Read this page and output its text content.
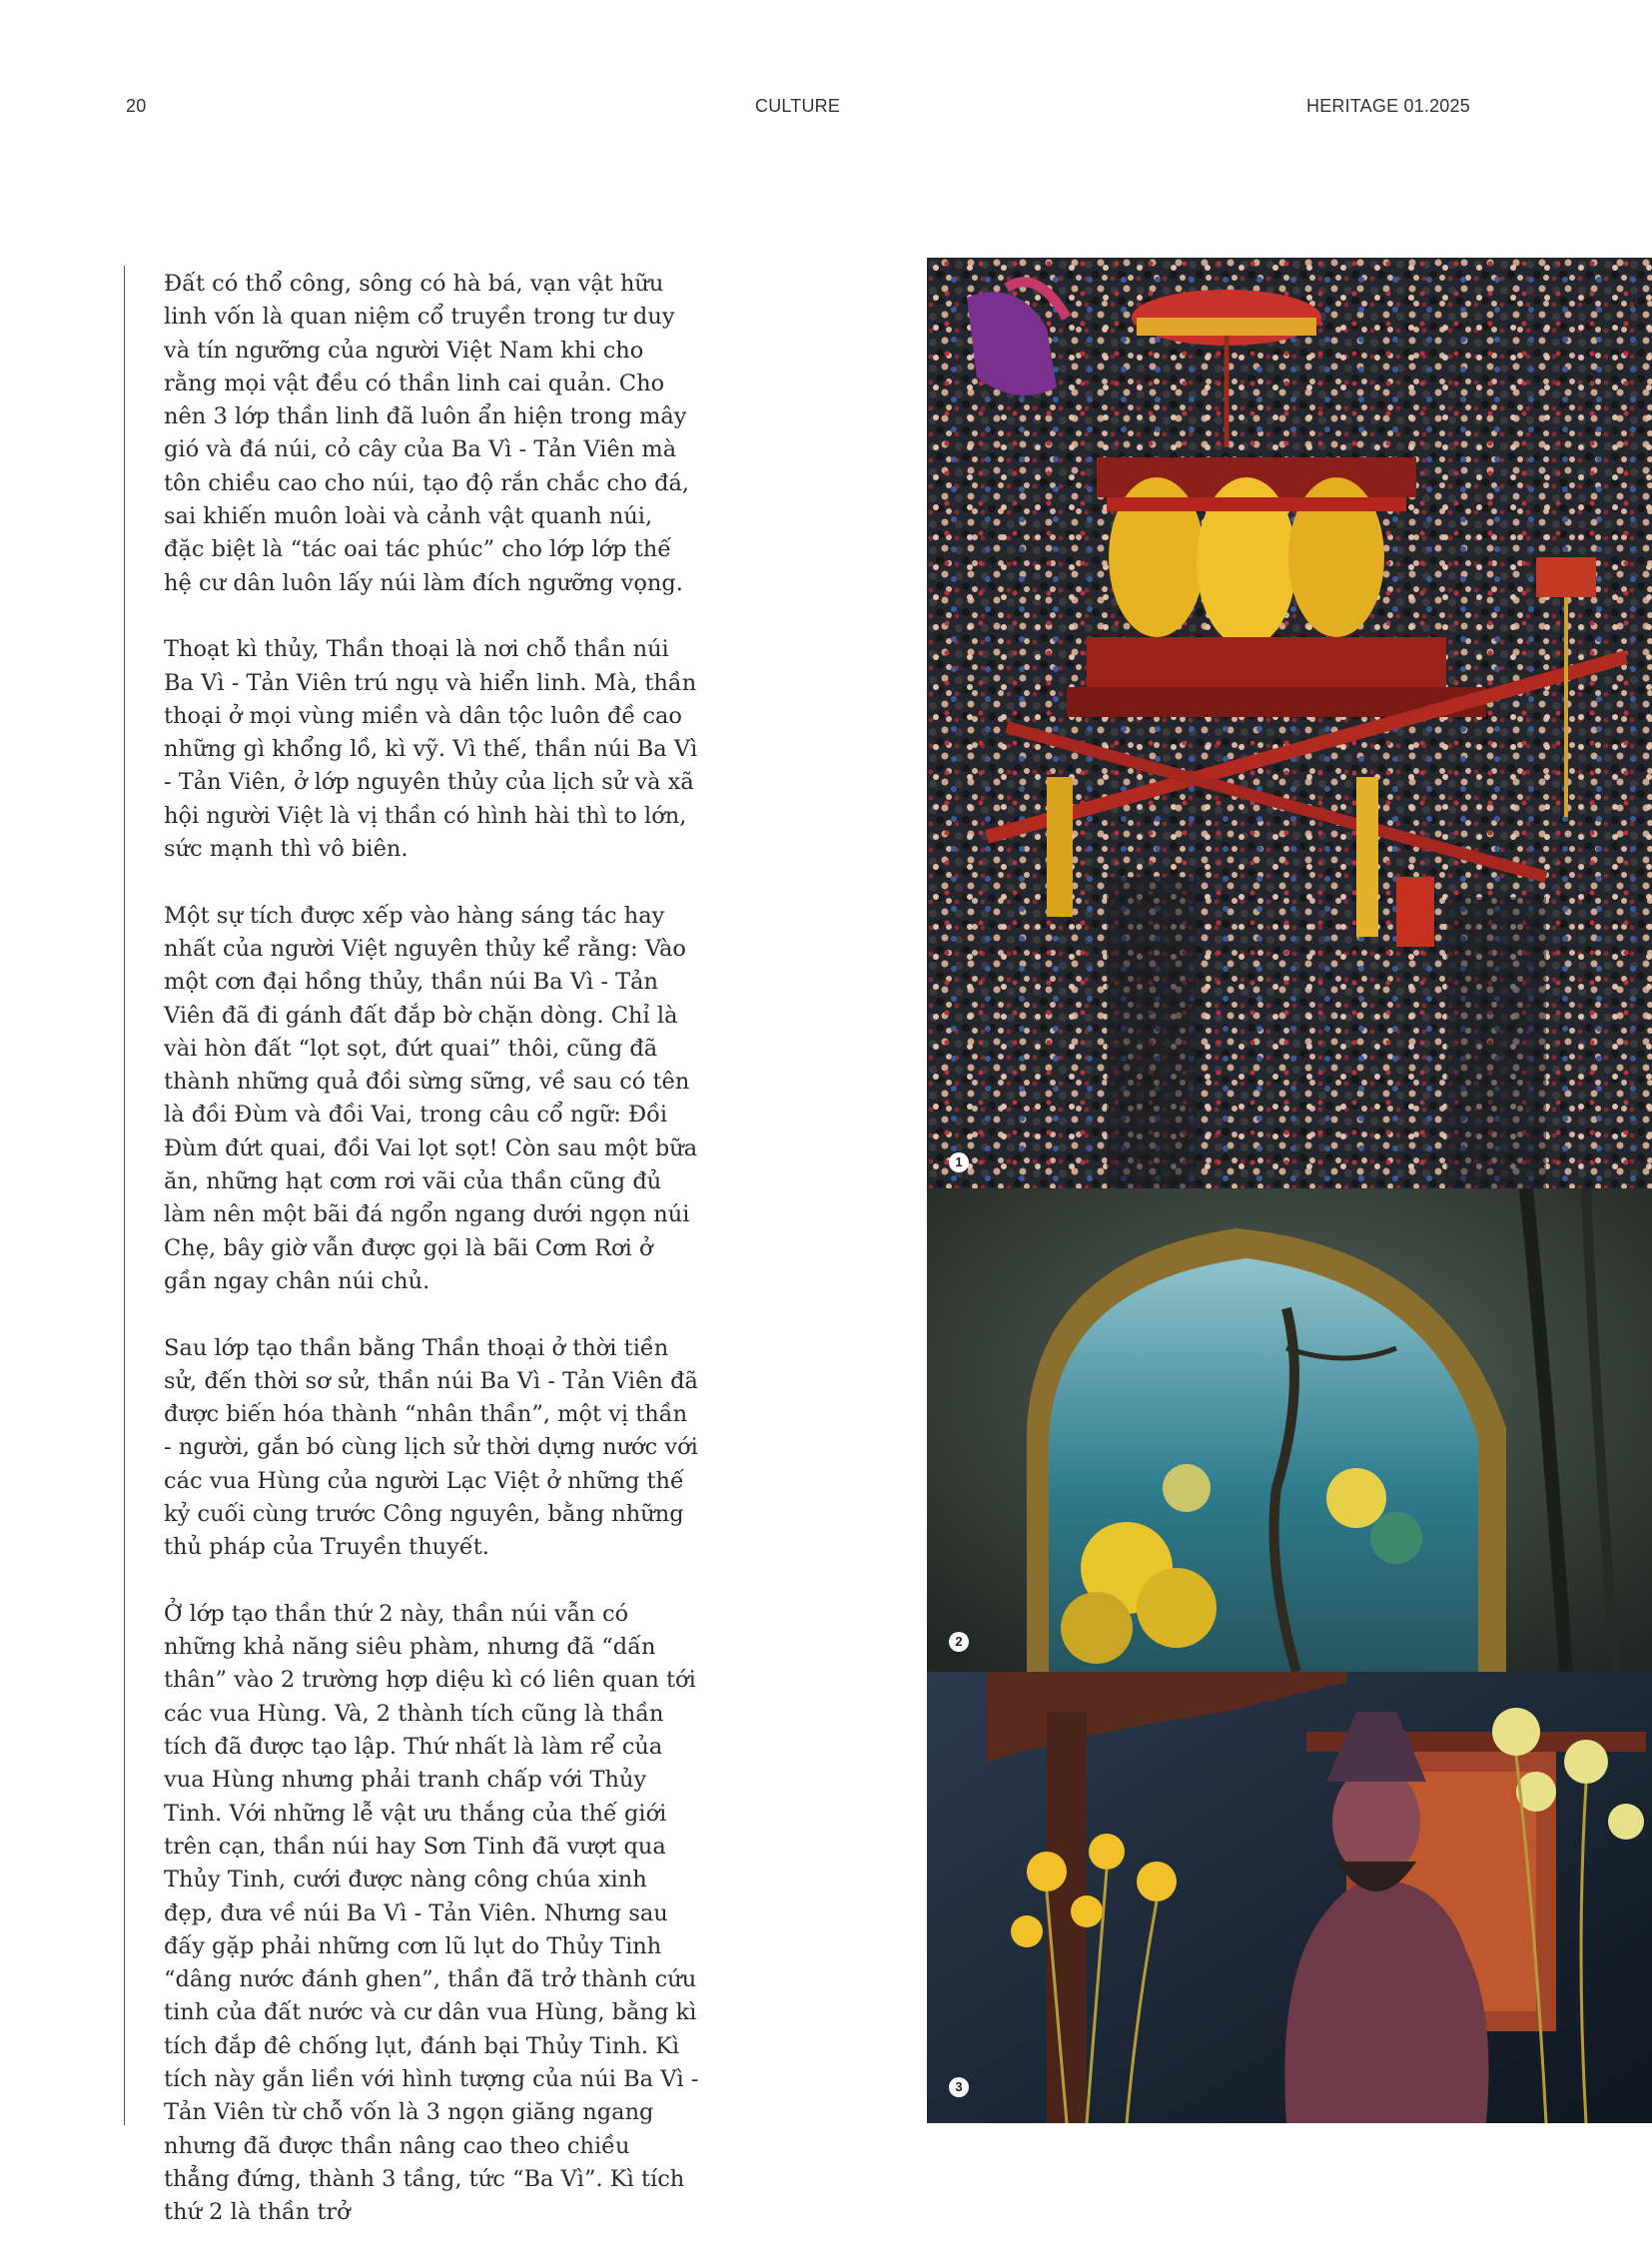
20	CULTURE	HERITAGE 01.2025

Đất có thổ công, sông có hà bá, vạn vật hữu linh vốn là quan niệm cổ truyền trong tư duy và tín ngưỡng của người Việt Nam khi cho rằng mọi vật đều có thần linh cai quản. Cho nên 3 lớp thần linh đã luôn ẩn hiện trong mây gió và đá núi, cỏ cây của Ba Vì - Tản Viên mà tôn chiều cao cho núi, tạo độ rắn chắc cho đá, sai khiến muôn loài và cảnh vật quanh núi, đặc biệt là “tác oai tác phúc” cho lớp lớp thế hệ cư dân luôn lấy núi làm đích ngưỡng vọng.

Thoạt kì thủy, Thần thoại là nơi chỗ thần núi Ba Vì - Tản Viên trú ngụ và hiển linh. Mà, thần thoại ở mọi vùng miền và dân tộc luôn đề cao những gì khổng lồ, kì vỹ. Vì thế, thần núi Ba Vì - Tản Viên, ở lớp nguyên thủy của lịch sử và xã hội người Việt là vị thần có hình hài thì to lớn, sức mạnh thì vô biên.

Một sự tích được xếp vào hàng sáng tác hay nhất của người Việt nguyên thủy kể rằng: Vào một cơn đại hồng thủy, thần núi Ba Vì - Tản Viên đã đi gánh đất đắp bờ chặn dòng. Chỉ là vài hòn đất “lọt sọt, đứt quai” thôi, cũng đã thành những quả đồi sừng sững, về sau có tên là đồi Đùm và đồi Vai, trong câu cổ ngữ: Đồi Đùm đứt quai, đồi Vai lọt sọt! Còn sau một bữa ăn, những hạt cơm rơi vãi của thần cũng đủ làm nên một bãi đá ngổn ngang dưới ngọn núi Chẹ, bây giờ vẫn được gọi là bãi Cơm Rơi ở gần ngay chân núi chủ.

Sau lớp tạo thần bằng Thần thoại ở thời tiền sử, đến thời sơ sử, thần núi Ba Vì - Tản Viên đã được biến hóa thành “nhân thần”, một vị thần - người, gắn bó cùng lịch sử thời dựng nước với các vua Hùng của người Lạc Việt ở những thế kỷ cuối cùng trước Công nguyên, bằng những thủ pháp của Truyền thuyết.

Ở lớp tạo thần thứ 2 này, thần núi vẫn có những khả năng siêu phàm, nhưng đã “dấn thân” vào 2 trường hợp diệu kì có liên quan tới các vua Hùng. Và, 2 thành tích cũng là thần tích đã được tạo lập. Thứ nhất là làm rể của vua Hùng nhưng phải tranh chấp với Thủy Tinh. Với những lễ vật ưu thắng của thế giới trên cạn, thần núi hay Sơn Tinh đã vượt qua Thủy Tinh, cưới được nàng công chúa xinh đẹp, đưa về núi Ba Vì - Tản Viên. Nhưng sau đấy gặp phải những cơn lũ lụt do Thủy Tinh “dâng nước đánh ghen”, thần đã trở thành cứu tinh của đất nước và cư dân vua Hùng, bằng kì tích đắp đê chống lụt, đánh bại Thủy Tinh. Kì tích này gắn liền với hình tượng của núi Ba Vì - Tản Viên từ chỗ vốn là 3 ngọn giăng ngang nhưng đã được thần nâng cao theo chiều thẳng đứng, thành 3 tầng, tức “Ba Vì”. Kì tích thứ 2 là thần trở

1
2
3
